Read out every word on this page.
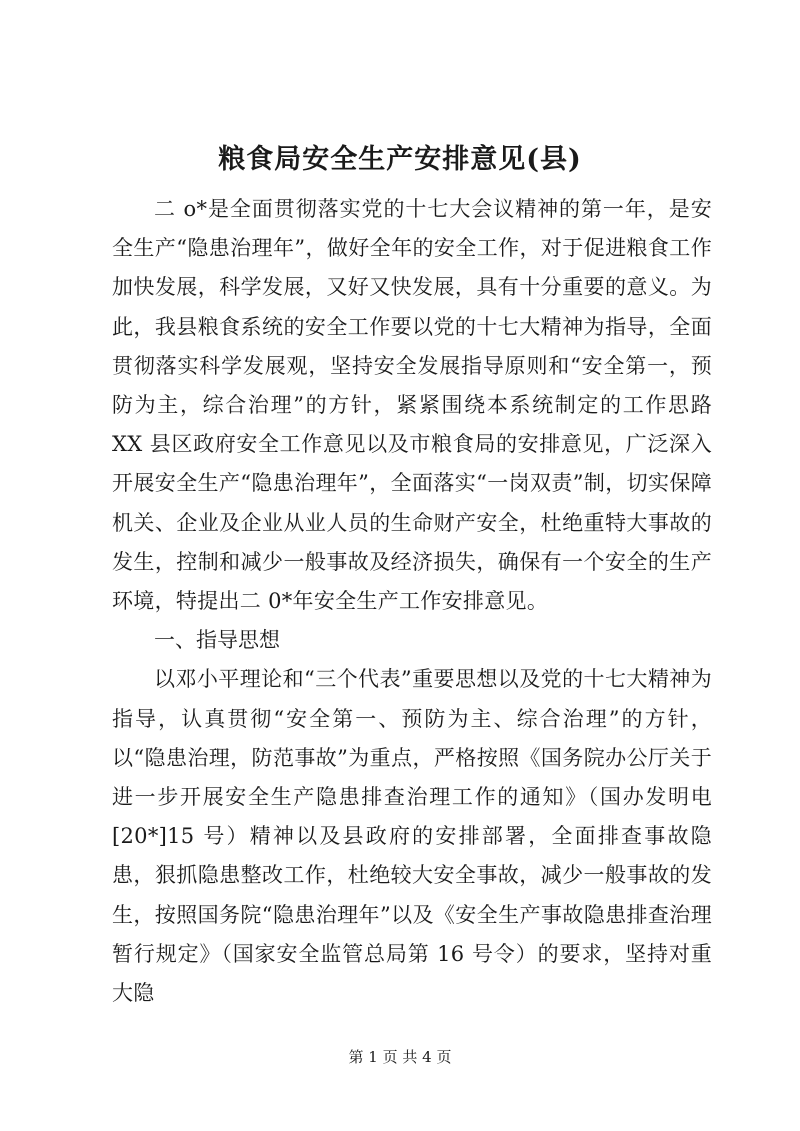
粮食局安全生产安排意见(县)

二 o*是全面贯彻落实党的十七大会议精神的第一年，是安全生产“隐患治理年”，做好全年的安全工作，对于促进粮食工作加快发展，科学发展，又好又快发展，具有十分重要的意义。为此，我县粮食系统的安全工作要以党的十七大精神为指导，全面贯彻落实科学发展观，坚持安全发展指导原则和“安全第一，预防为主，综合治理”的方针，紧紧围绕本系统制定的工作思路 XX 县区政府安全工作意见以及市粮食局的安排意见，广泛深入开展安全生产“隐患治理年”，全面落实“一岗双责”制，切实保障机关、企业及企业从业人员的生命财产安全，杜绝重特大事故的发生，控制和减少一般事故及经济损失，确保有一个安全的生产环境，特提出二 0*年安全生产工作安排意见。

一、指导思想

以邓小平理论和“三个代表”重要思想以及党的十七大精神为指导，认真贯彻“安全第一、预防为主、综合治理”的方针，以“隐患治理，防范事故”为重点，严格按照《国务院办公厅关于进一步开展安全生产隐患排查治理工作的通知》（国办发明电[20*]15 号）精神以及县政府的安排部署，全面排查事故隐患，狠抓隐患整改工作，杜绝较大安全事故，减少一般事故的发生，按照国务院“隐患治理年”以及《安全生产事故隐患排查治理暂行规定》（国家安全监管总局第 16 号令）的要求，坚持对重大隐

第 1 页 共 4 页
